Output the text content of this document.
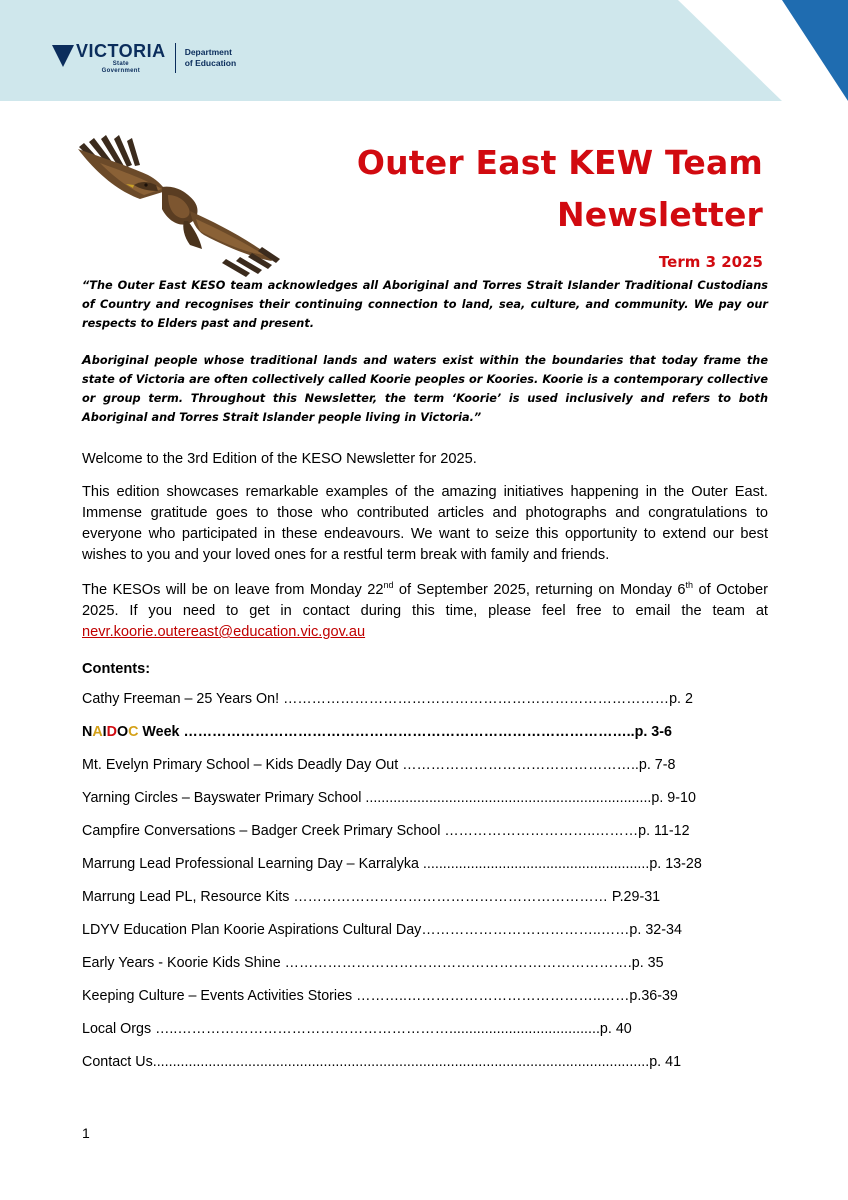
VICTORIA
State
Government
Department
of Education
Outer East KEW Team
Newsletter
Term 3 2025

“The Outer East KESO team acknowledges all Aboriginal and Torres Strait Islander Traditional Custodians of Country and recognises their continuing connection to land, sea, culture, and community. We pay our respects to Elders past and present.

Aboriginal people whose traditional lands and waters exist within the boundaries that today frame the state of Victoria are often collectively called Koorie peoples or Koories. Koorie is a contemporary collective or group term. Throughout this Newsletter, the term ‘Koorie’ is used inclusively and refers to both Aboriginal and Torres Strait Islander people living in Victoria.”

Welcome to the 3rd Edition of the KESO Newsletter for 2025.

This edition showcases remarkable examples of the amazing initiatives happening in the Outer East. Immense gratitude goes to those who contributed articles and photographs and congratulations to everyone who participated in these endeavours. We want to seize this opportunity to extend our best wishes to you and your loved ones for a restful term break with family and friends.

The KESOs will be on leave from Monday 22nd of September 2025, returning on Monday 6th of October 2025. If you need to get in contact during this time, please feel free to email the team at nevr.koorie.outereast@education.vic.gov.au

Contents:
Cathy Freeman – 25 Years On! ………………………………………………………………………p. 2
NAIDOC Week …………………………………………………………………………………..p. 3-6
Mt. Evelyn Primary School – Kids Deadly Day Out …………………………………………..p. 7-8
Yarning Circles – Bayswater Primary School ........................................................................p. 9-10
Campfire Conversations – Badger Creek Primary School …………………………..………p. 11-12
Marrung Lead Professional Learning Day – Karralyka .........................................................p. 13-28
Marrung Lead PL, Resource Kits ………………………………………………………… P.29-31
LDYV Education Plan Koorie Aspirations Cultural Day………………………………..……p. 32-34
Early Years - Koorie Kids Shine ……………………………………………………………….p. 35
Keeping Culture – Events Activities Stories ………..…………………………………..……p.36-39
Local Orgs …..…………………………………………………......................................p. 40
Contact Us.............................................................................................................................p. 41
1
